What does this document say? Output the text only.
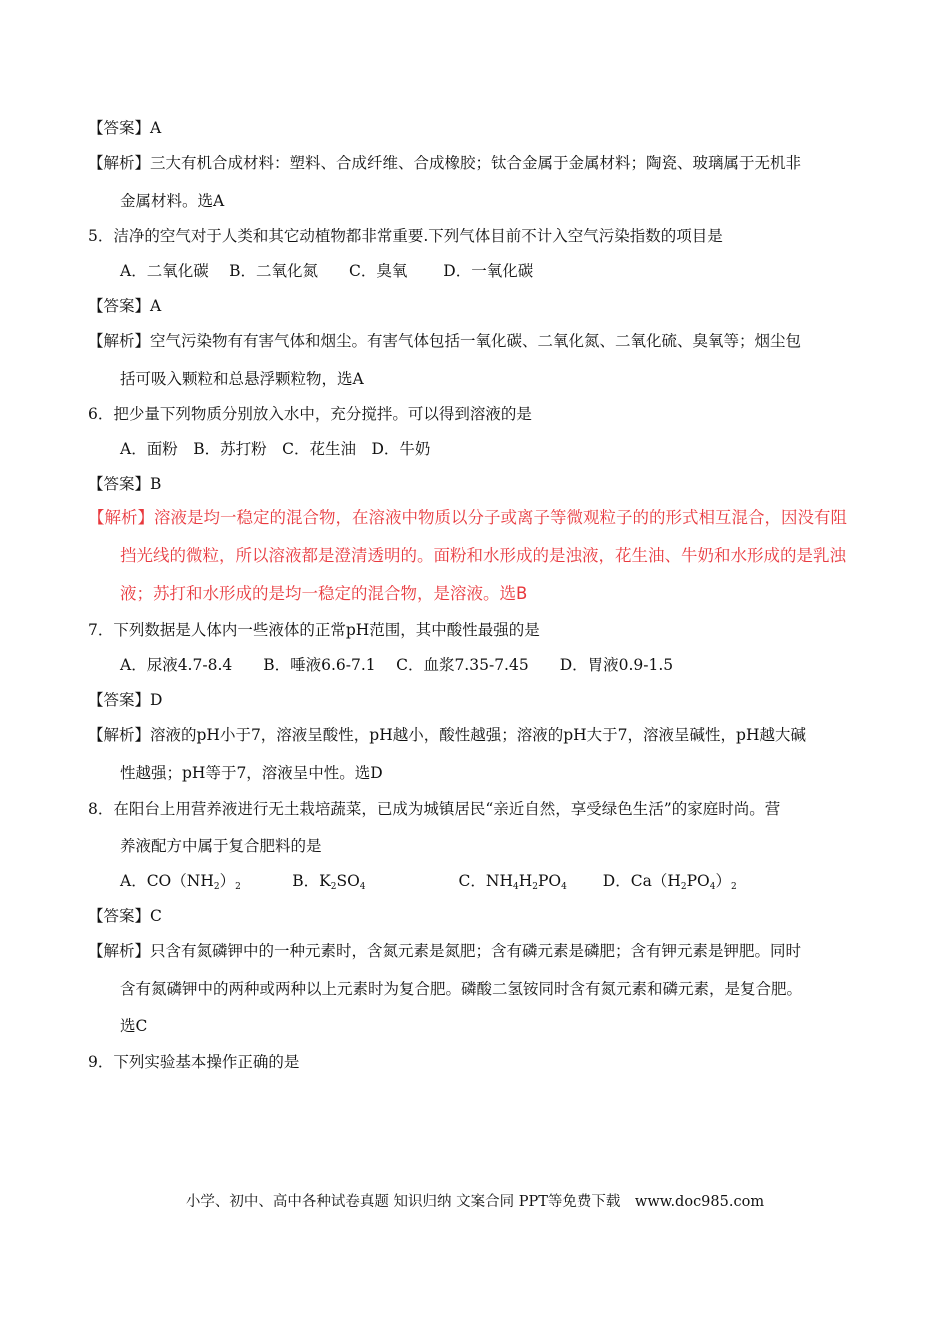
【答案】A
【解析】三大有机合成材料：塑料、合成纤维、合成橡胶；钛合金属于金属材料；陶瓷、玻璃属于无机非
金属材料。选A
5．洁净的空气对于人类和其它动植物都非常重要.下列气体目前不计入空气污染指数的项目是
A．二氧化碳　 B．二氧化氮　　C．臭氧　　 D．一氧化碳
【答案】A
【解析】空气污染物有有害气体和烟尘。有害气体包括一氧化碳、二氧化氮、二氧化硫、臭氧等；烟尘包
括可吸入颗粒和总悬浮颗粒物，选A
6．把少量下列物质分别放入水中，充分搅拌。可以得到溶液的是
A．面粉　B．苏打粉　C．花生油　D．牛奶
【答案】B
【解析】溶液是均一稳定的混合物，在溶液中物质以分子或离子等微观粒子的的形式相互混合，因没有阻
挡光线的微粒，所以溶液都是澄清透明的。面粉和水形成的是浊液，花生油、牛奶和水形成的是乳浊
液；苏打和水形成的是均一稳定的混合物，是溶液。选B
7．下列数据是人体内一些液体的正常pH范围，其中酸性最强的是
A．尿液4.7-8.4　　B．唾液6.6-7.1　 C．血浆7.35-7.45　　D．胃液0.9-1.5
【答案】D
【解析】溶液的pH小于7，溶液呈酸性，pH越小，酸性越强；溶液的pH大于7，溶液呈碱性，pH越大碱
性越强；pH等于7，溶液呈中性。选D
8．在阳台上用营养液进行无土栽培蔬菜，已成为城镇居民“亲近自然，享受绿色生活”的家庭时尚。营
养液配方中属于复合肥料的是
A．$CO(NH_2)_2$　　　 B．$K_2SO_4$　　　　　　C．$NH_4H_2PO_4$　　 D．$Ca(H_2PO_4)_2$
【答案】C
【解析】只含有氮磷钾中的一种元素时，含氮元素是氮肥；含有磷元素是磷肥；含有钾元素是钾肥。同时
含有氮磷钾中的两种或两种以上元素时为复合肥。磷酸二氢铵同时含有氮元素和磷元素，是复合肥。
选C
9．下列实验基本操作正确的是
小学、初中、高中各种试卷真题 知识归纳 文案合同 PPT等免费下载　www.doc985.com
